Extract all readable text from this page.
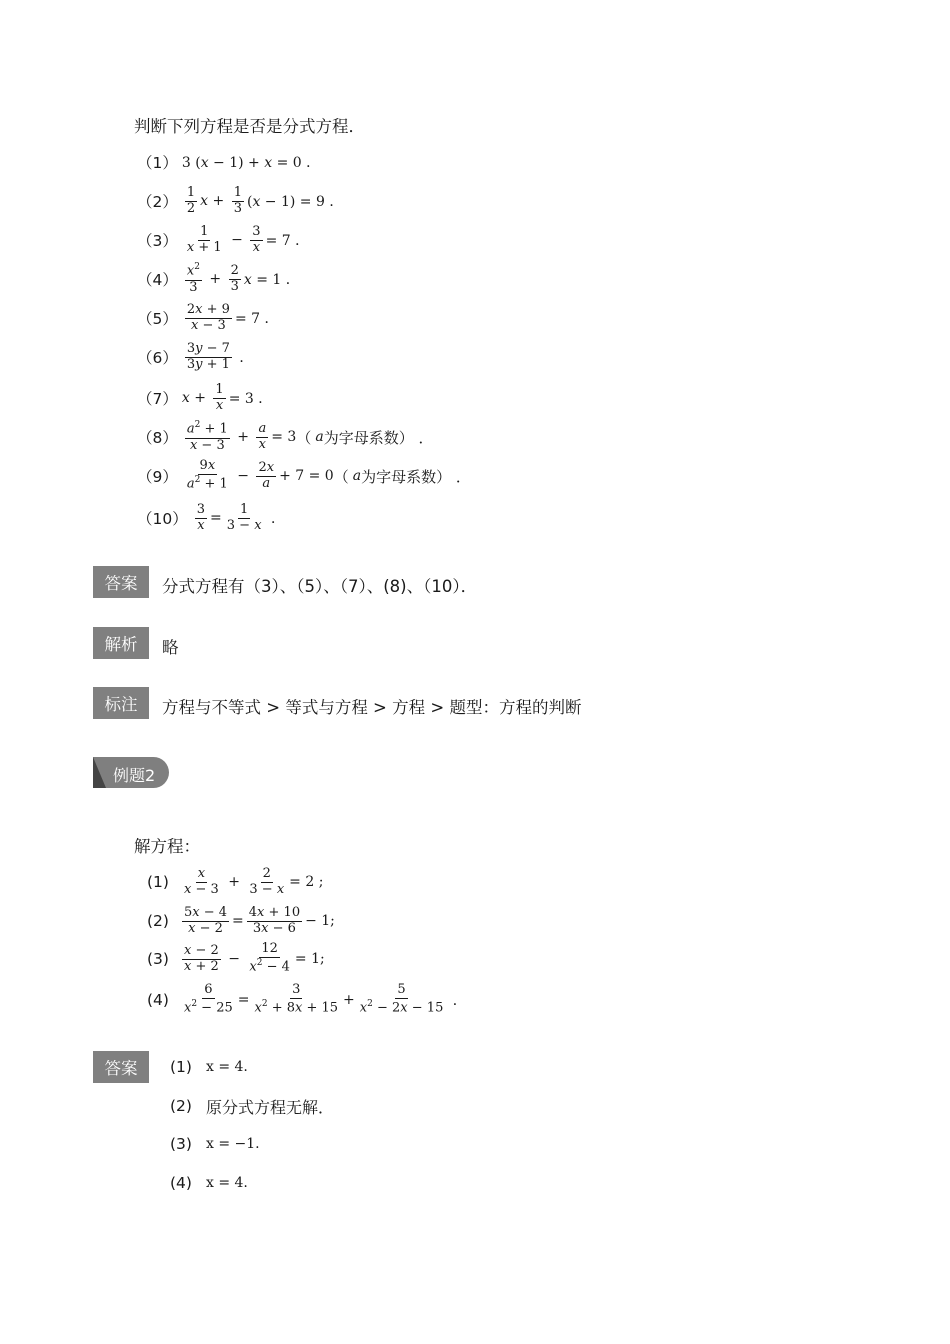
判断下列方程是否是分式方程．
（1） 3 (x − 1) + x = 0 ．
$(2) \frac{1}{2}$ $x + \frac{1}{3} (x - 1) = 9$ ．
$(3) \frac{1}{x + 1} - \frac{3}{x} = 7$ ．
$(4) \frac{x^2}{3} + \frac{2}{3}$ x = 1 ．
$(5) \frac{2x + 9}{x - 3} = 7$ ．
$(6) \frac{3y - 7}{3y + 1}$ ．
（7） $x + \frac{1}{x} = 3$ ．
$(8) \frac{a^2 + 1}{x - 3} + \frac{a}{x} = 3$ （ a 为字母系数） ．
$(9) \frac{9x}{a^2 + 1} - \frac{2x}{a} + 7 = 0$ （ a 为字母系数） ．
$(10) \frac{3}{x} = \frac{1}{3 - x}$ ．
答案	分式方程有（3）、（5）、（7）、(8)、（10）．
解析	略
标注	方程与不等式 > 等式与方程 > 方程 > 题型：方程的判断
例题2
解方程：
$(1) \frac{x}{x - 3} + \frac{2}{3 - x} = 2$ ;
$(2) \frac{5x - 4}{x - 2} = \frac{4x + 10}{3x - 6} - 1$;
$(3) \frac{x - 2}{x + 2} - \frac{12}{x^2 - 4} = 1$;
$(4) \frac{6}{x^2 - 25} = \frac{3}{x^2 + 8x + 15} + \frac{5}{x^2 - 2x - 15}$ ．
答案	(1) x = 4.
(2) 原分式方程无解．
(3) x = −1.
(4) x = 4.
